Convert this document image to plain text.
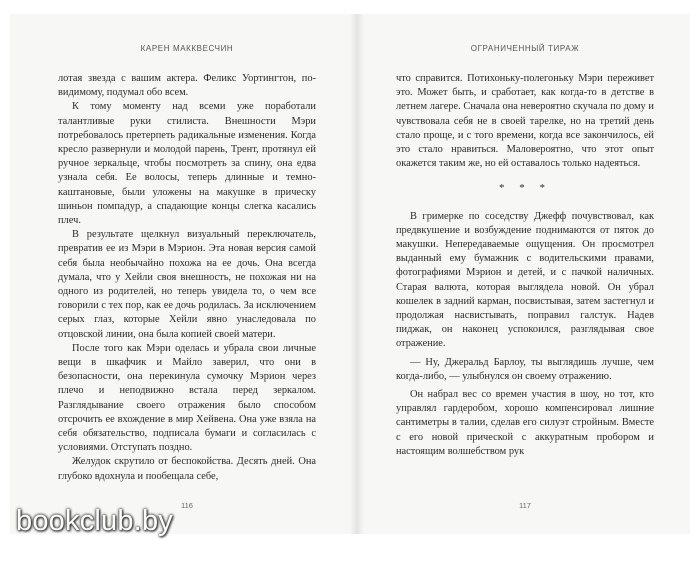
КАРЕН МАККВЕСЧИН

лотая звезда с вашим актера. Феликс Уортингтон, по-видимому, подумал обо всем.

К тому моменту над всеми уже поработали талантливые руки стилиста. Внешности Мэри потребовалось претерпеть радикальные изменения. Когда кресло развернули и молодой парень, Трент, протянул ей ручное зеркальце, чтобы посмотреть за спину, она едва узнала себя. Ее волосы, теперь длинные и темно-каштановые, были уложены на макушке в прическу шиньон помпадур, а спадающие концы слегка касались плеч.

В результате щелкнул визуальный переключатель, превратив ее из Мэри в Мэрион. Эта новая версия самой себя была необычайно похожа на ее дочь. Она всегда думала, что у Хейли своя внешность, не похожая ни на одного из родителей, но теперь увидела то, о чем все говорили с тех пор, как ее дочь родилась. За исключением серых глаз, которые Хейли явно унаследовала по отцовской линии, она была копией своей матери.

После того как Мэри оделась и убрала свои личные вещи в шкафчик и Майло заверил, что они в безопасности, она перекинула сумочку Мэрион через плечо и неподвижно встала перед зеркалом. Разглядывание своего отражения было способом отсрочить ее вхождение в мир Хейвена. Она уже взяла на себя обязательство, подписала бумаги и согласилась с условиями. Отступать поздно.

Желудок скрутило от беспокойства. Десять дней. Она глубоко вдохнула и пообещала себе,

116
ОГРАНИЧЕННЫЙ ТИРАЖ

что справится. Потихоньку-полегоньку Мэри переживет это. Может быть, и сработает, как когда-то в детстве в летнем лагере. Сначала она невероятно скучала по дому и чувствовала себя не в своей тарелке, но на третий день стало проще, и с того времени, когда все закончилось, ей это стало нравиться. Маловероятно, что этот опыт окажется таким же, но ей оставалось только надеяться.

* * *

В гримерке по соседству Джефф почувствовал, как предвкушение и возбуждение поднимаются от пяток до макушки. Непередаваемые ощущения. Он просмотрел выданный ему бумажник с водительскими правами, фотографиями Мэрион и детей, и с пачкой наличных. Старая валюта, которая выглядела новой. Он убрал кошелек в задний карман, посвистывая, затем застегнул и продолжая насвистывать, поправил галстук. Надев пиджак, он наконец успокоился, разглядывая свое отражение.

— Ну, Джеральд Барлоу, ты выглядишь лучше, чем когда-либо, — улыбнулся он своему отражению.

Он набрал вес со времен участия в шоу, но тот, кто управлял гардеробом, хорошо компенсировал лишние сантиметры в талии, сделав его силуэт стройным. Вместе с его новой прической с аккуратным пробором и настоящим волшебством рук

117
bookclub.by
